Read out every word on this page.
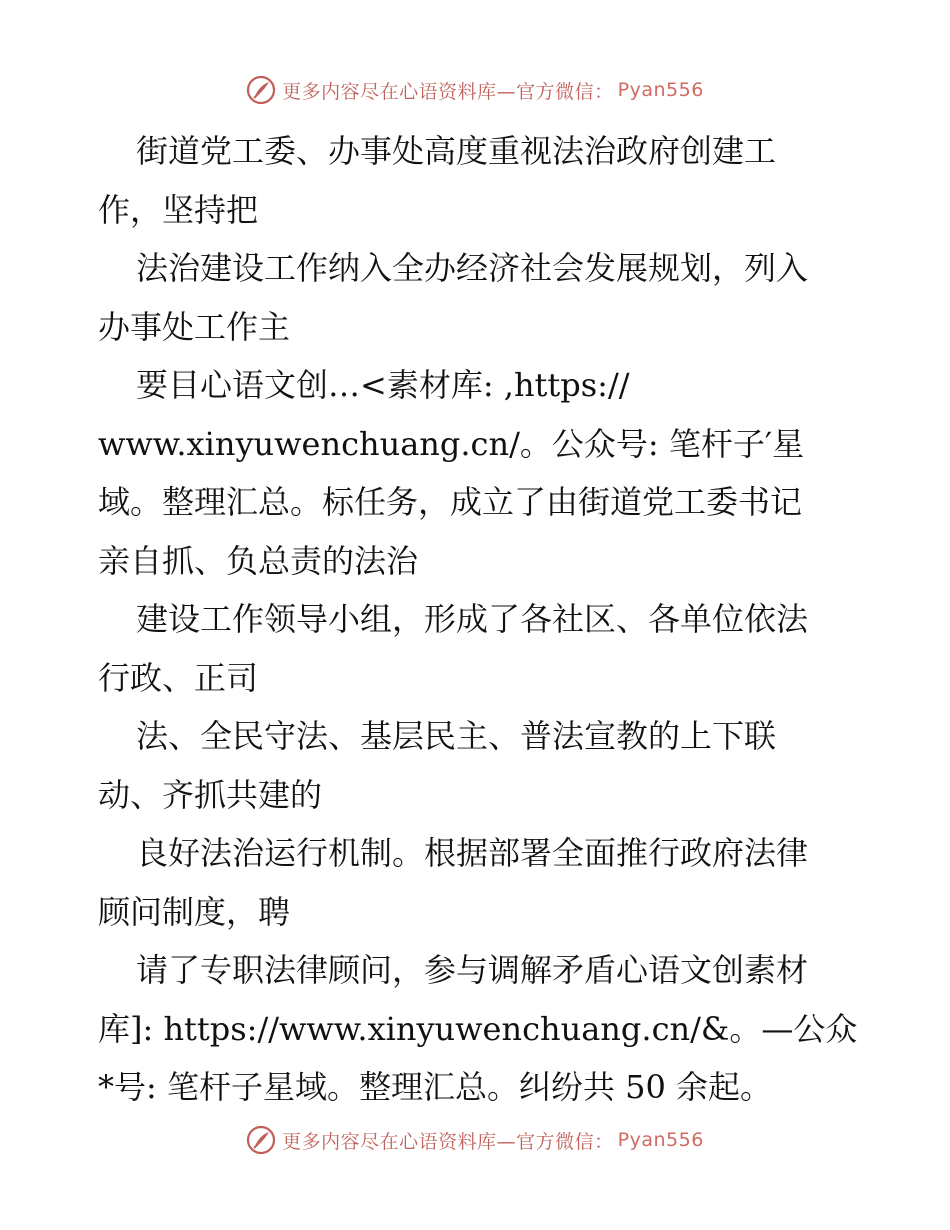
更多内容尽在心语资料库—官方微信： Pyan556
街道党工委、办事处高度重视法治政府创建工
作，坚持把
法治建设工作纳入全办经济社会发展规划，列入
办事处工作主
要目心语文创…<素材库: ,https://
www.xinyuwenchuang.cn/。公众号: 笔杆子′星
域。整理汇总。标任务，成立了由街道党工委书记
亲自抓、负总责的法治
建设工作领导小组，形成了各社区、各单位依法
行政、正司
法、全民守法、基层民主、普法宣教的上下联
动、齐抓共建的
良好法治运行机制。根据部署全面推行政府法律
顾问制度，聘
请了专职法律顾问，参与调解矛盾心语文创素材
库]: https://www.xinyuwenchuang.cn/&。—公众
*号: 笔杆子星域。整理汇总。纠纷共 50 余起。
更多内容尽在心语资料库—官方微信： Pyan556
